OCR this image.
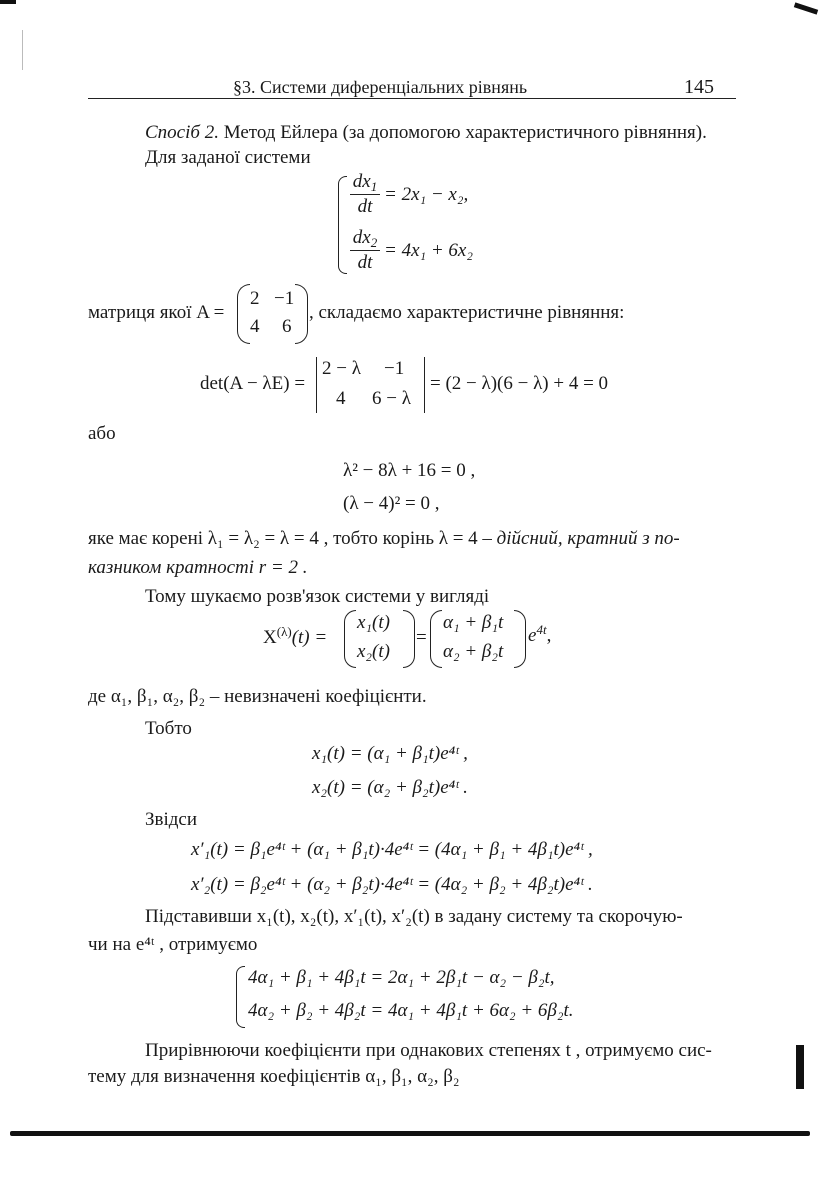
§3. Системи диференціальних рівнянь	145
Спосіб 2. Метод Ейлера (за допомогою характеристичного рівняння).
Для заданої системи
$dx_1$
dt
= 2x₁ − x₂,
$dx_2$
dt
= 4x₁ + 6x₂
матриця якої A =
2 −1
4 6
, складаємо характеристичне рівняння:
det(A − λE) =
2 − λ −1
4 6 − λ
= (2 − λ)(6 − λ) + 4 = 0
або
λ² − 8λ + 16 = 0 ,
(λ − 4)² = 0 ,
яке має корені λ₁ = λ₂ = λ = 4 , тобто корінь λ = 4 – дійсний, кратний з по-
казником кратності r = 2 .
Тому шукаємо розв'язок системи у вигляді
$X^{(\lambda)}(t)$ =
x₁(t)
x₂(t)
=
α₁ + β₁t
α₂ + β₂t
$e^{4t}$,
де α₁, β₁, α₂, β₂ – невизначені коефіцієнти.
Тобто
x₁(t) = (α₁ + β₁t)e⁴ᵗ ,
x₂(t) = (α₂ + β₂t)e⁴ᵗ .
Звідси
x′₁(t) = β₁e⁴ᵗ + (α₁ + β₁t)·4e⁴ᵗ = (4α₁ + β₁ + 4β₁t)e⁴ᵗ ,
x′₂(t) = β₂e⁴ᵗ + (α₂ + β₂t)·4e⁴ᵗ = (4α₂ + β₂ + 4β₂t)e⁴ᵗ .
Підставивши x₁(t), x₂(t), x′₁(t), x′₂(t) в задану систему та скорочую-
чи на e⁴ᵗ , отримуємо
4α₁ + β₁ + 4β₁t = 2α₁ + 2β₁t − α₂ − β₂t,
4α₂ + β₂ + 4β₂t = 4α₁ + 4β₁t + 6α₂ + 6β₂t.
Прирівнюючи коефіцієнти при однакових степенях t , отримуємо сис-
тему для визначення коефіцієнтів α₁, β₁, α₂, β₂
